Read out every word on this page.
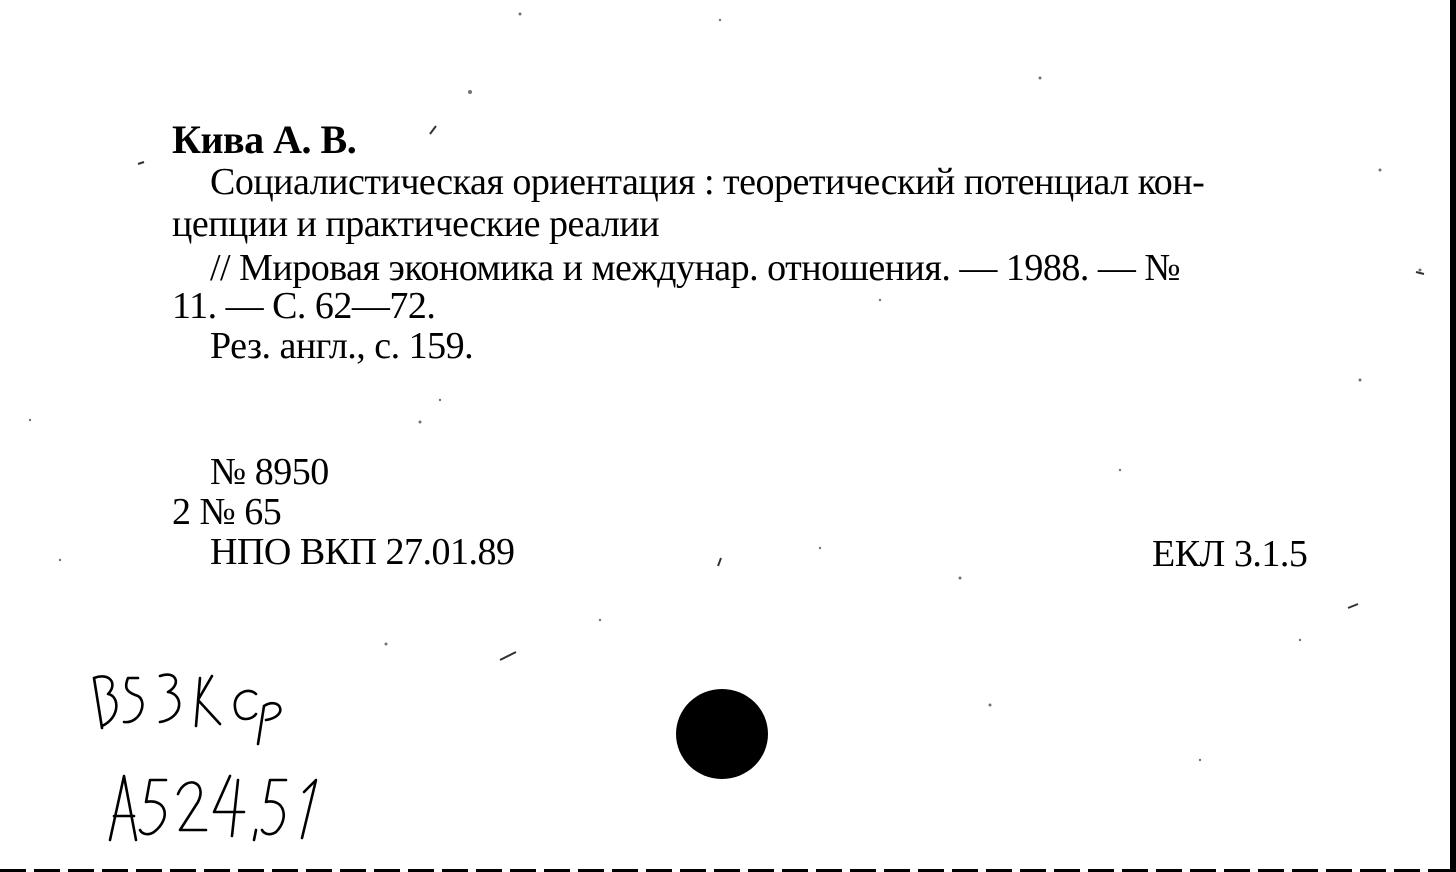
Кива А. В.
Социалистическая ориентация : теоретический потенциал кон-
цепции и практические реалии
// Мировая экономика и междунар. отношения. — 1988. — №
11. — С. 62—72.
Рез. англ., с. 159.
№ 8950
2 № 65
НПО ВКП 27.01.89	ЕКЛ 3.1.5
